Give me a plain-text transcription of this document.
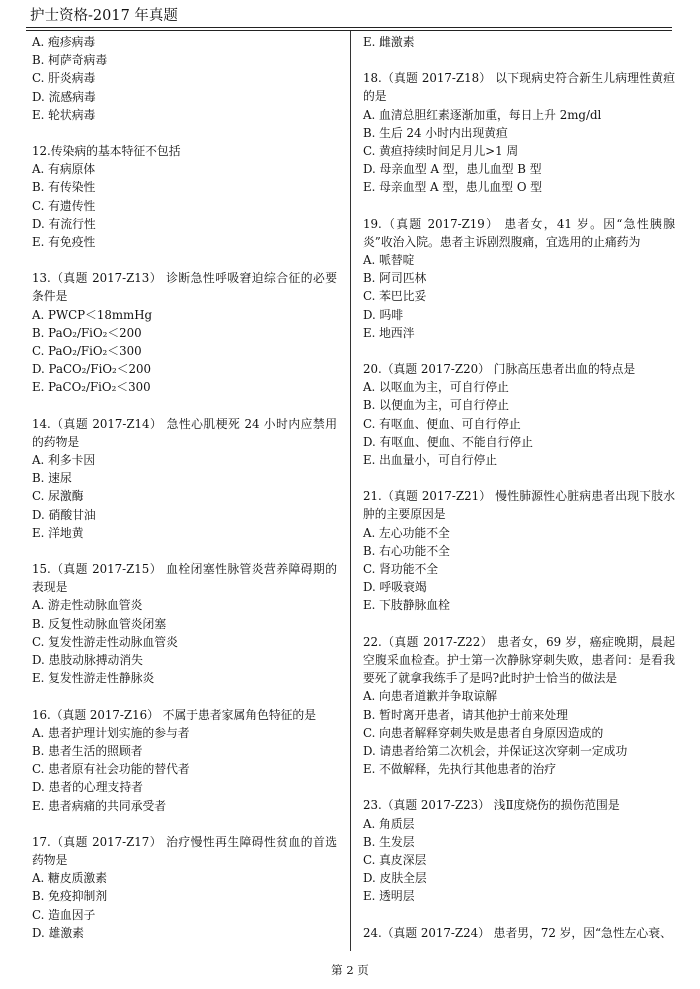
护士资格-2017 年真题
A. 疱疹病毒
B. 柯萨奇病毒
C. 肝炎病毒
D. 流感病毒
E. 轮状病毒
12.传染病的基本特征不包括
A. 有病原体
B. 有传染性
C. 有遗传性
D. 有流行性
E. 有免疫性
13.（真题 2017-Z13） 诊断急性呼吸窘迫综合征的必要条件是
A. PWCP＜18mmHg
B. PaO₂/FiO₂＜200
C. PaO₂/FiO₂＜300
D. PaCO₂/FiO₂＜200
E. PaCO₂/FiO₂＜300
14.（真题 2017-Z14） 急性心肌梗死 24 小时内应禁用的药物是
A. 利多卡因
B. 速尿
C. 尿激酶
D. 硝酸甘油
E. 洋地黄
15.（真题 2017-Z15） 血栓闭塞性脉管炎营养障碍期的表现是
A. 游走性动脉血管炎
B. 反复性动脉血管炎闭塞
C. 复发性游走性动脉血管炎
D. 患肢动脉搏动消失
E. 复发性游走性静脉炎
16.（真题 2017-Z16） 不属于患者家属角色特征的是
A. 患者护理计划实施的参与者
B. 患者生活的照顾者
C. 患者原有社会功能的替代者
D. 患者的心理支持者
E. 患者病痛的共同承受者
17.（真题 2017-Z17） 治疗慢性再生障碍性贫血的首选药物是
A. 糖皮质激素
B. 免疫抑制剂
C. 造血因子
D. 雄激素
E. 雌激素
18.（真题 2017-Z18） 以下现病史符合新生儿病理性黄疸的是
A. 血清总胆红素逐渐加重，每日上升 2mg/dl
B. 生后 24 小时内出现黄疸
C. 黄疸持续时间足月儿>1 周
D. 母亲血型 A 型，患儿血型 B 型
E. 母亲血型 A 型，患儿血型 O 型
19.（真题 2017-Z19） 患者女，41 岁。因“急性胰腺炎”收治入院。患者主诉剧烈腹痛，宜选用的止痛药为
A. 哌替啶
B. 阿司匹林
C. 苯巴比妥
D. 吗啡
E. 地西泮
20.（真题 2017-Z20） 门脉高压患者出血的特点是
A. 以呕血为主，可自行停止
B. 以便血为主，可自行停止
C. 有呕血、便血、可自行停止
D. 有呕血、便血、不能自行停止
E. 出血量小，可自行停止
21.（真题 2017-Z21） 慢性肺源性心脏病患者出现下肢水肿的主要原因是
A. 左心功能不全
B. 右心功能不全
C. 肾功能不全
D. 呼吸衰竭
E. 下肢静脉血栓
22.（真题 2017-Z22） 患者女，69 岁，癌症晚期，晨起空腹采血检查。护士第一次静脉穿刺失败，患者问：是看我要死了就拿我练手了是吗?此时护士恰当的做法是
A. 向患者道歉并争取谅解
B. 暂时离开患者，请其他护士前来处理
C. 向患者解释穿刺失败是患者自身原因造成的
D. 请患者给第二次机会，并保证这次穿刺一定成功
E. 不做解释，先执行其他患者的治疗
23.（真题 2017-Z23） 浅Ⅱ度烧伤的损伤范围是
A. 角质层
B. 生发层
C. 真皮深层
D. 皮肤全层
E. 透明层
24.（真题 2017-Z24） 患者男，72 岁，因“急性左心衰、
第 2 页
